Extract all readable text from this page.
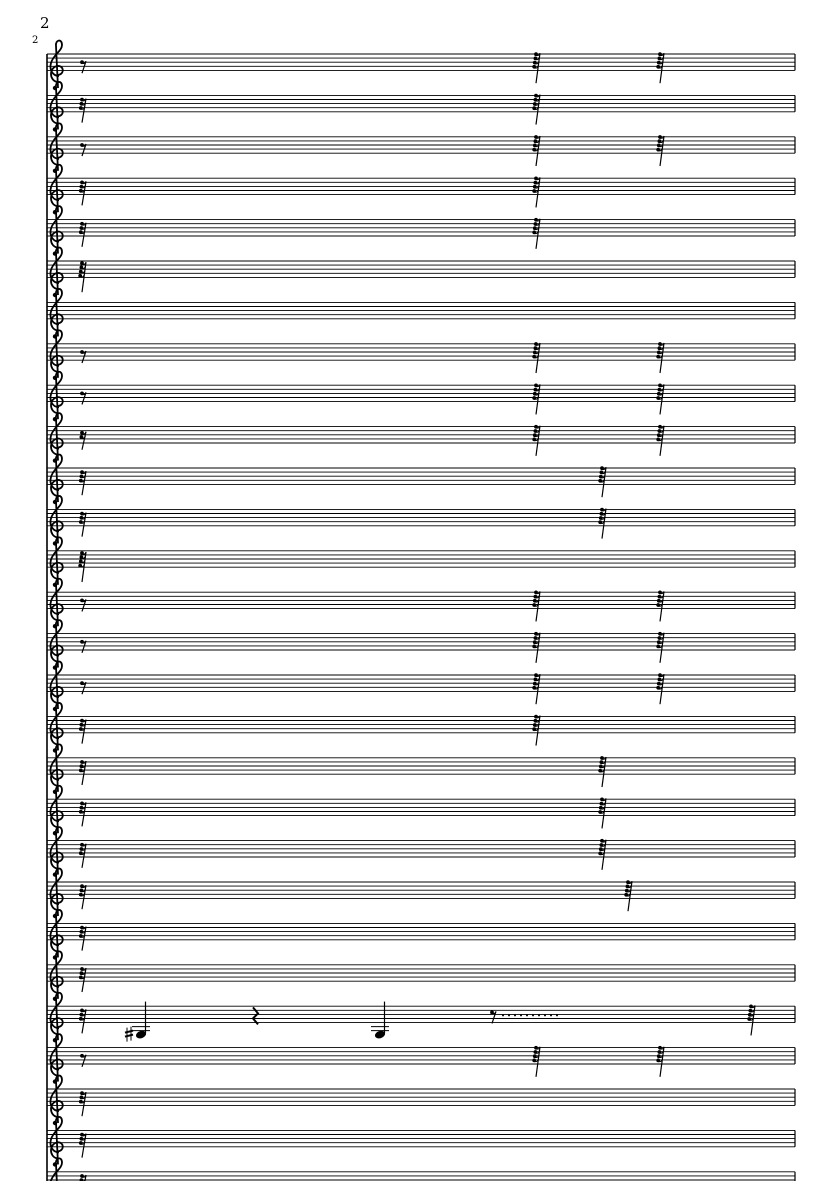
2
2
